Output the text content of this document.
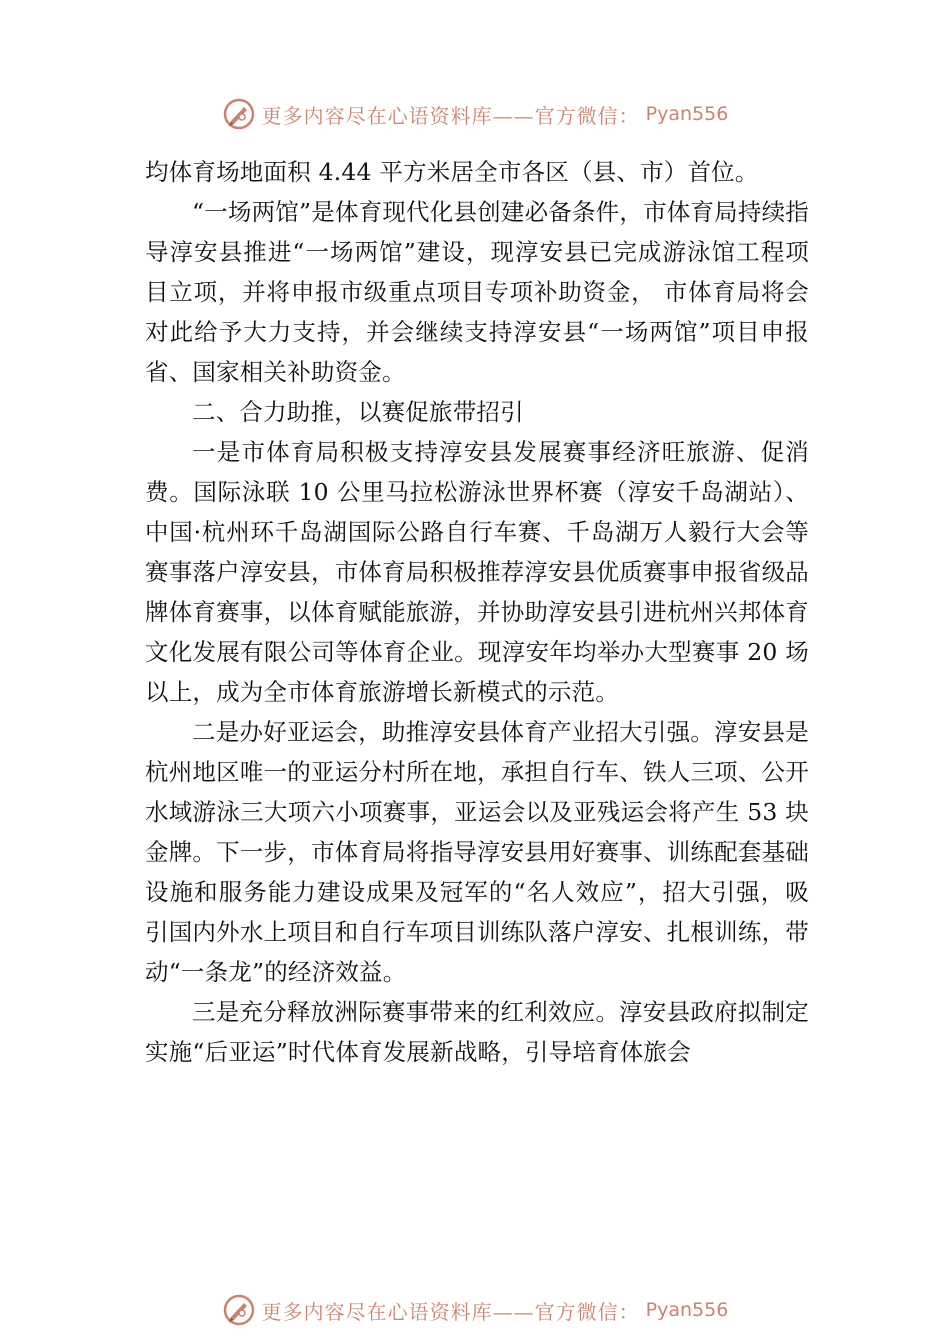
更多内容尽在心语资料库——官方微信： Pyan556

均体育场地面积 4.44 平方米居全市各区（县、市）首位。

“一场两馆”是体育现代化县创建必备条件，市体育局持续指导淳安县推进“一场两馆”建设，现淳安县已完成游泳馆工程项目立项，并将申报市级重点项目专项补助资金， 市体育局将会对此给予大力支持，并会继续支持淳安县“一场两馆”项目申报省、国家相关补助资金。

二、合力助推，以赛促旅带招引

一是市体育局积极支持淳安县发展赛事经济旺旅游、促消费。国际泳联 10 公里马拉松游泳世界杯赛（淳安千岛湖站）、中国·杭州环千岛湖国际公路自行车赛、千岛湖万人毅行大会等赛事落户淳安县，市体育局积极推荐淳安县优质赛事申报省级品牌体育赛事，以体育赋能旅游，并协助淳安县引进杭州兴邦体育文化发展有限公司等体育企业。现淳安年均举办大型赛事 20 场以上，成为全市体育旅游增长新模式的示范。

二是办好亚运会，助推淳安县体育产业招大引强。淳安县是杭州地区唯一的亚运分村所在地，承担自行车、铁人三项、公开水域游泳三大项六小项赛事，亚运会以及亚残运会将产生 53 块金牌。下一步，市体育局将指导淳安县用好赛事、训练配套基础设施和服务能力建设成果及冠军的“名人效应”，招大引强，吸引国内外水上项目和自行车项目训练队落户淳安、扎根训练，带动“一条龙”的经济效益。

三是充分释放洲际赛事带来的红利效应。淳安县政府拟制定实施“后亚运”时代体育发展新战略，引导培育体旅会

更多内容尽在心语资料库——官方微信： Pyan556
